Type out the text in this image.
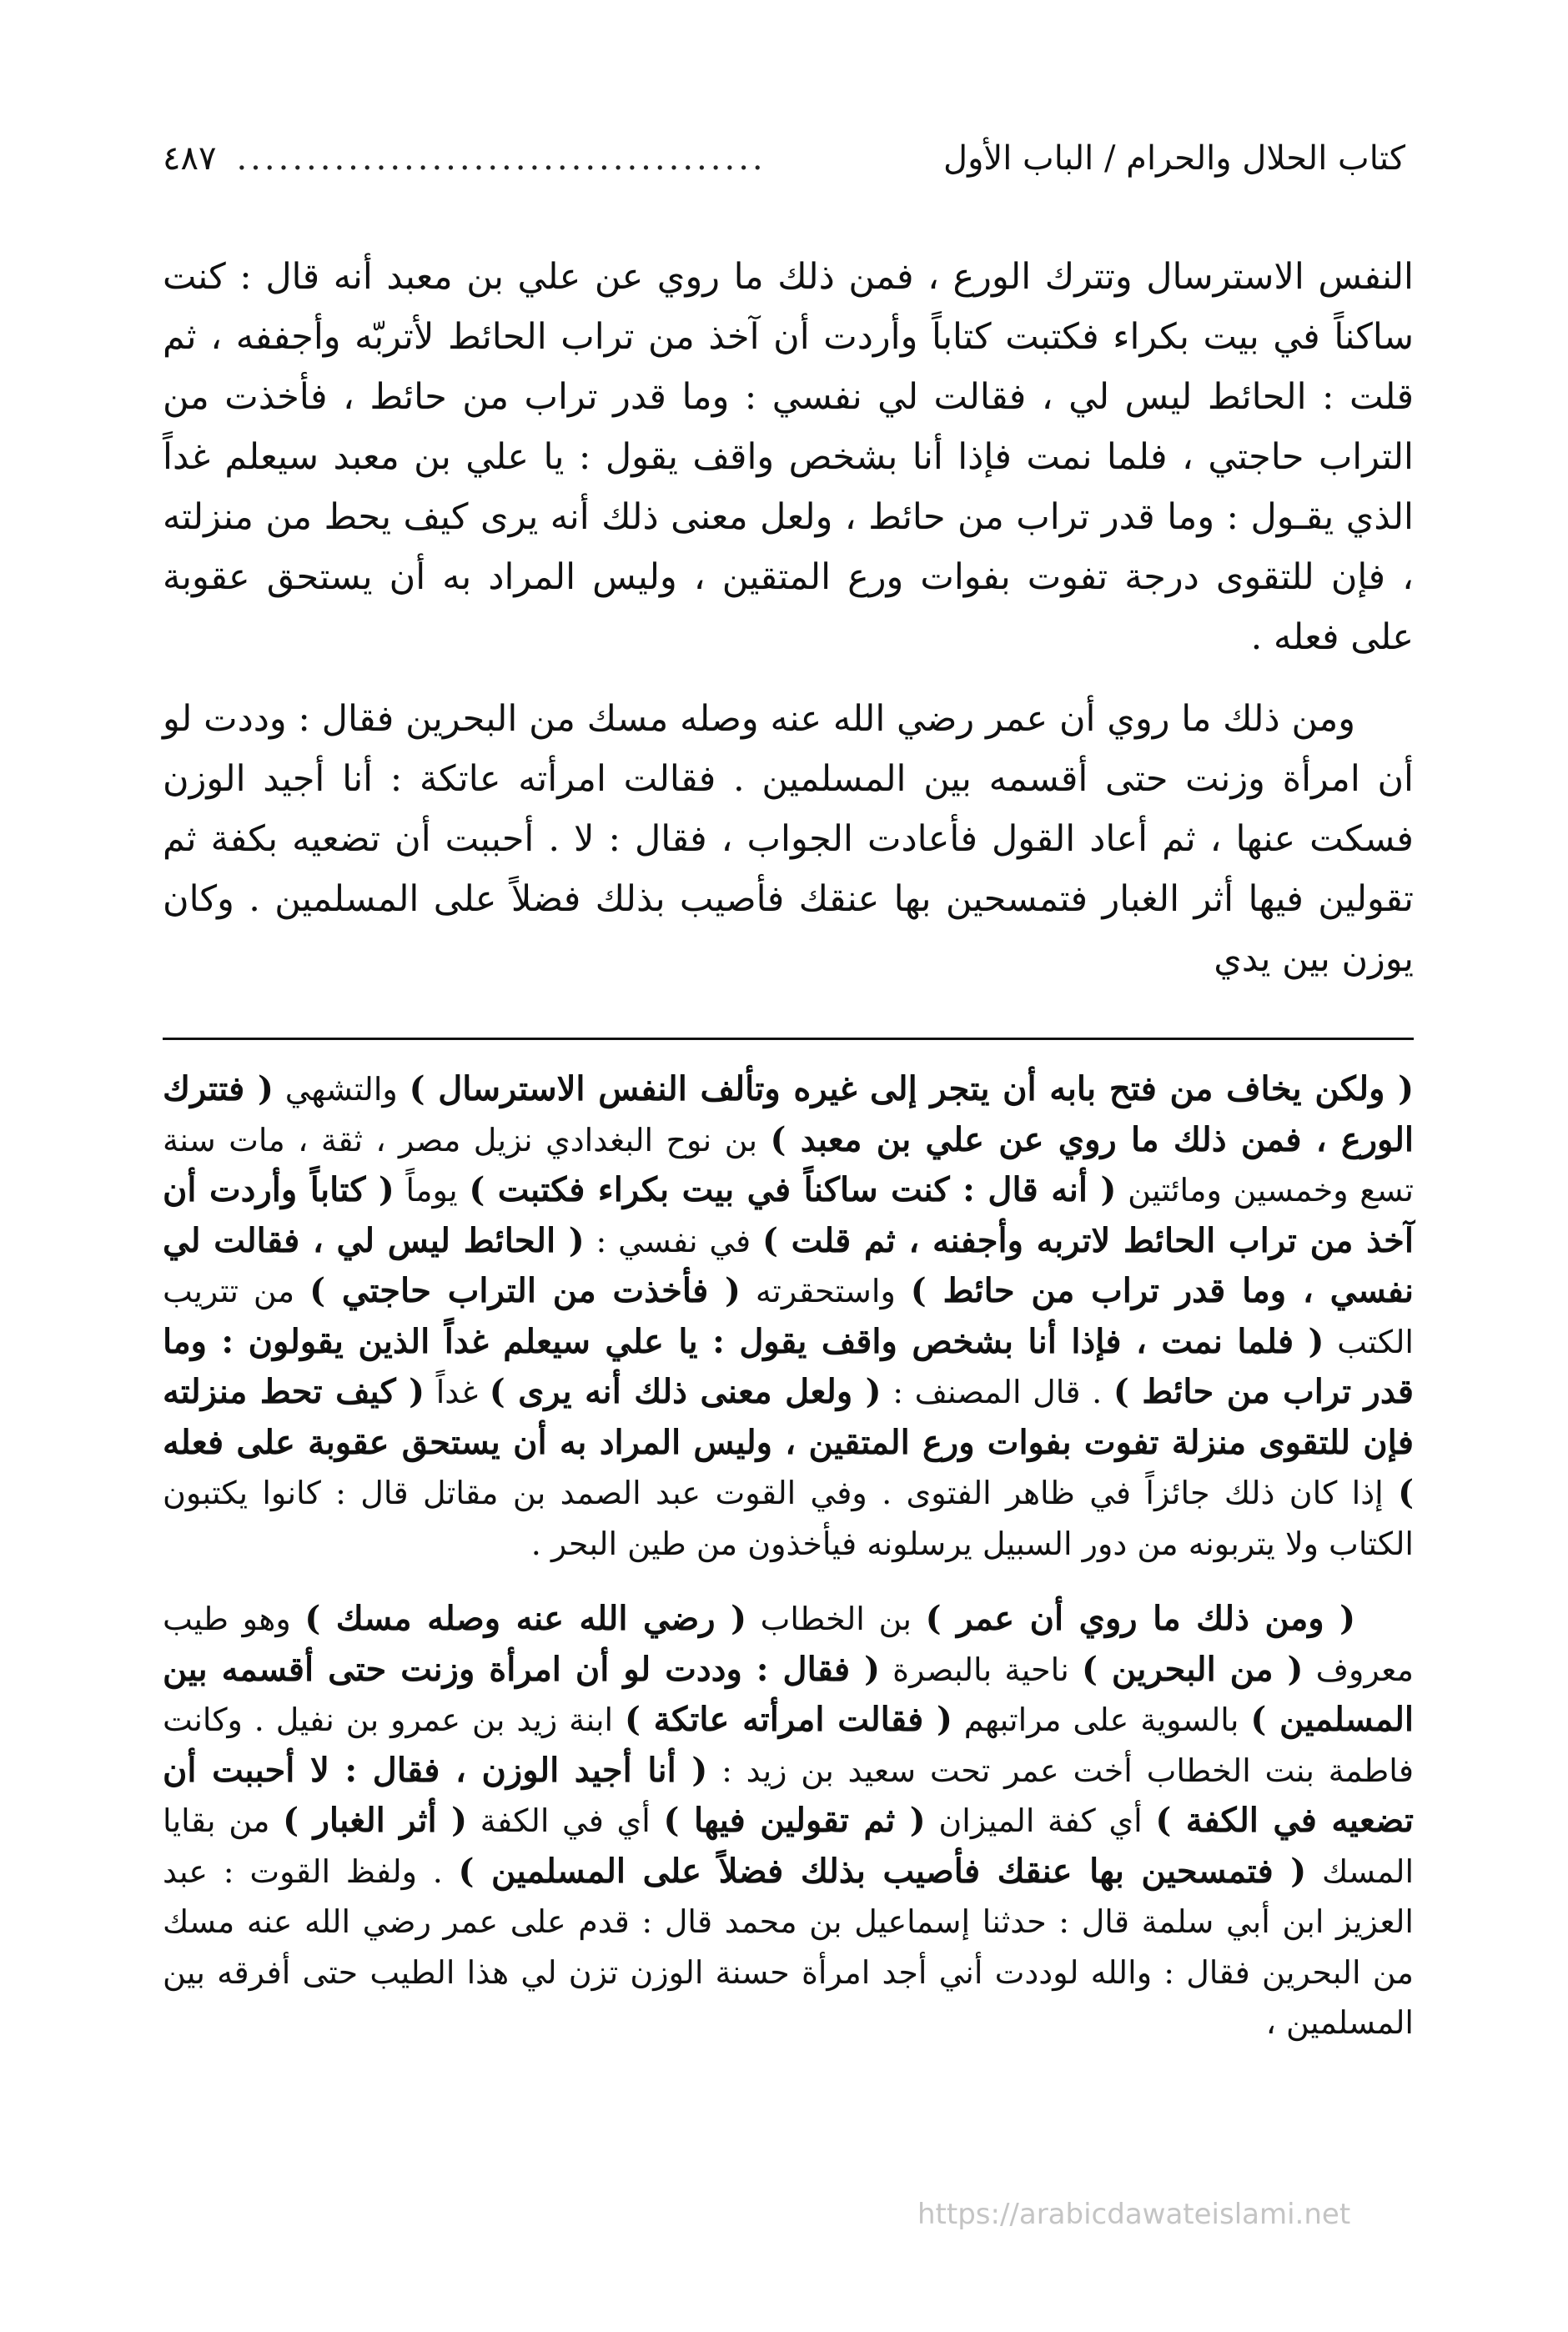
كتاب الحلال والحرام / الباب الأول
......................................
٤٨٧

النفس الاسترسال وتترك الورع ، فمن ذلك ما روي عن علي بن معبد أنه قال : كنت ساكناً في بيت بكراء فكتبت كتاباً وأردت أن آخذ من تراب الحائط لأتربّه وأجففه ، ثم قلت : الحائط ليس لي ، فقالت لي نفسي : وما قدر تراب من حائط ، فأخذت من التراب حاجتي ، فلما نمت فإذا أنا بشخص واقف يقول : يا علي بن معبد سيعلم غداً الذي يقـول : وما قدر تراب من حائط ، ولعل معنى ذلك أنه يرى كيف يحط من منزلته ، فإن للتقوى درجة تفوت بفوات ورع المتقين ، وليس المراد به أن يستحق عقوبة على فعله .

ومن ذلك ما روي أن عمر رضي الله عنه وصله مسك من البحرين فقال : وددت لو أن امرأة وزنت حتى أقسمه بين المسلمين . فقالت امرأته عاتكة : أنا أجيد الوزن فسكت عنها ، ثم أعاد القول فأعادت الجواب ، فقال : لا . أحببت أن تضعيه بكفة ثم تقولين فيها أثر الغبار فتمسحين بها عنقك فأصيب بذلك فضلاً على المسلمين . وكان يوزن بين يدي

( ولكن يخاف من فتح بابه أن يتجر إلى غيره وتألف النفس الاسترسال ) والتشهي ( فتترك الورع ، فمن ذلك ما روي عن علي بن معبد ) بن نوح البغدادي نزيل مصر ، ثقة ، مات سنة تسع وخمسين ومائتين ( أنه قال : كنت ساكناً في بيت بكراء فكتبت ) يوماً ( كتاباً وأردت أن آخذ من تراب الحائط لاتربه وأجفنه ، ثم قلت ) في نفسي : ( الحائط ليس لي ، فقالت لي نفسي ، وما قدر تراب من حائط ) واستحقرته ( فأخذت من التراب حاجتي ) من تتريب الكتب ( فلما نمت ، فإذا أنا بشخص واقف يقول : يا علي سيعلم غداً الذين يقولون : وما قدر تراب من حائط ) . قال المصنف : ( ولعل معنى ذلك أنه يرى ) غداً ( كيف تحط منزلته فإن للتقوى منزلة تفوت بفوات ورع المتقين ، وليس المراد به أن يستحق عقوبة على فعله ) إذا كان ذلك جائزاً في ظاهر الفتوى . وفي القوت عبد الصمد بن مقاتل قال : كانوا يكتبون الكتاب ولا يتربونه من دور السبيل يرسلونه فيأخذون من طين البحر .

( ومن ذلك ما روي أن عمر ) بن الخطاب ( رضي الله عنه وصله مسك ) وهو طيب معروف ( من البحرين ) ناحية بالبصرة ( فقال : وددت لو أن امرأة وزنت حتى أقسمه بين المسلمين ) بالسوية على مراتبهم ( فقالت امرأته عاتكة ) ابنة زيد بن عمرو بن نفيل . وكانت فاطمة بنت الخطاب أخت عمر تحت سعيد بن زيد : ( أنا أجيد الوزن ، فقال : لا أحببت أن تضعيه في الكفة ) أي كفة الميزان ( ثم تقولين فيها ) أي في الكفة ( أثر الغبار ) من بقايا المسك ( فتمسحين بها عنقك فأصيب بذلك فضلاً على المسلمين ) . ولفظ القوت : عبد العزيز ابن أبي سلمة قال : حدثنا إسماعيل بن محمد قال : قدم على عمر رضي الله عنه مسك من البحرين فقال : والله لوددت أني أجد امرأة حسنة الوزن تزن لي هذا الطيب حتى أفرقه بين المسلمين ،

https://arabicdawateislami.net
